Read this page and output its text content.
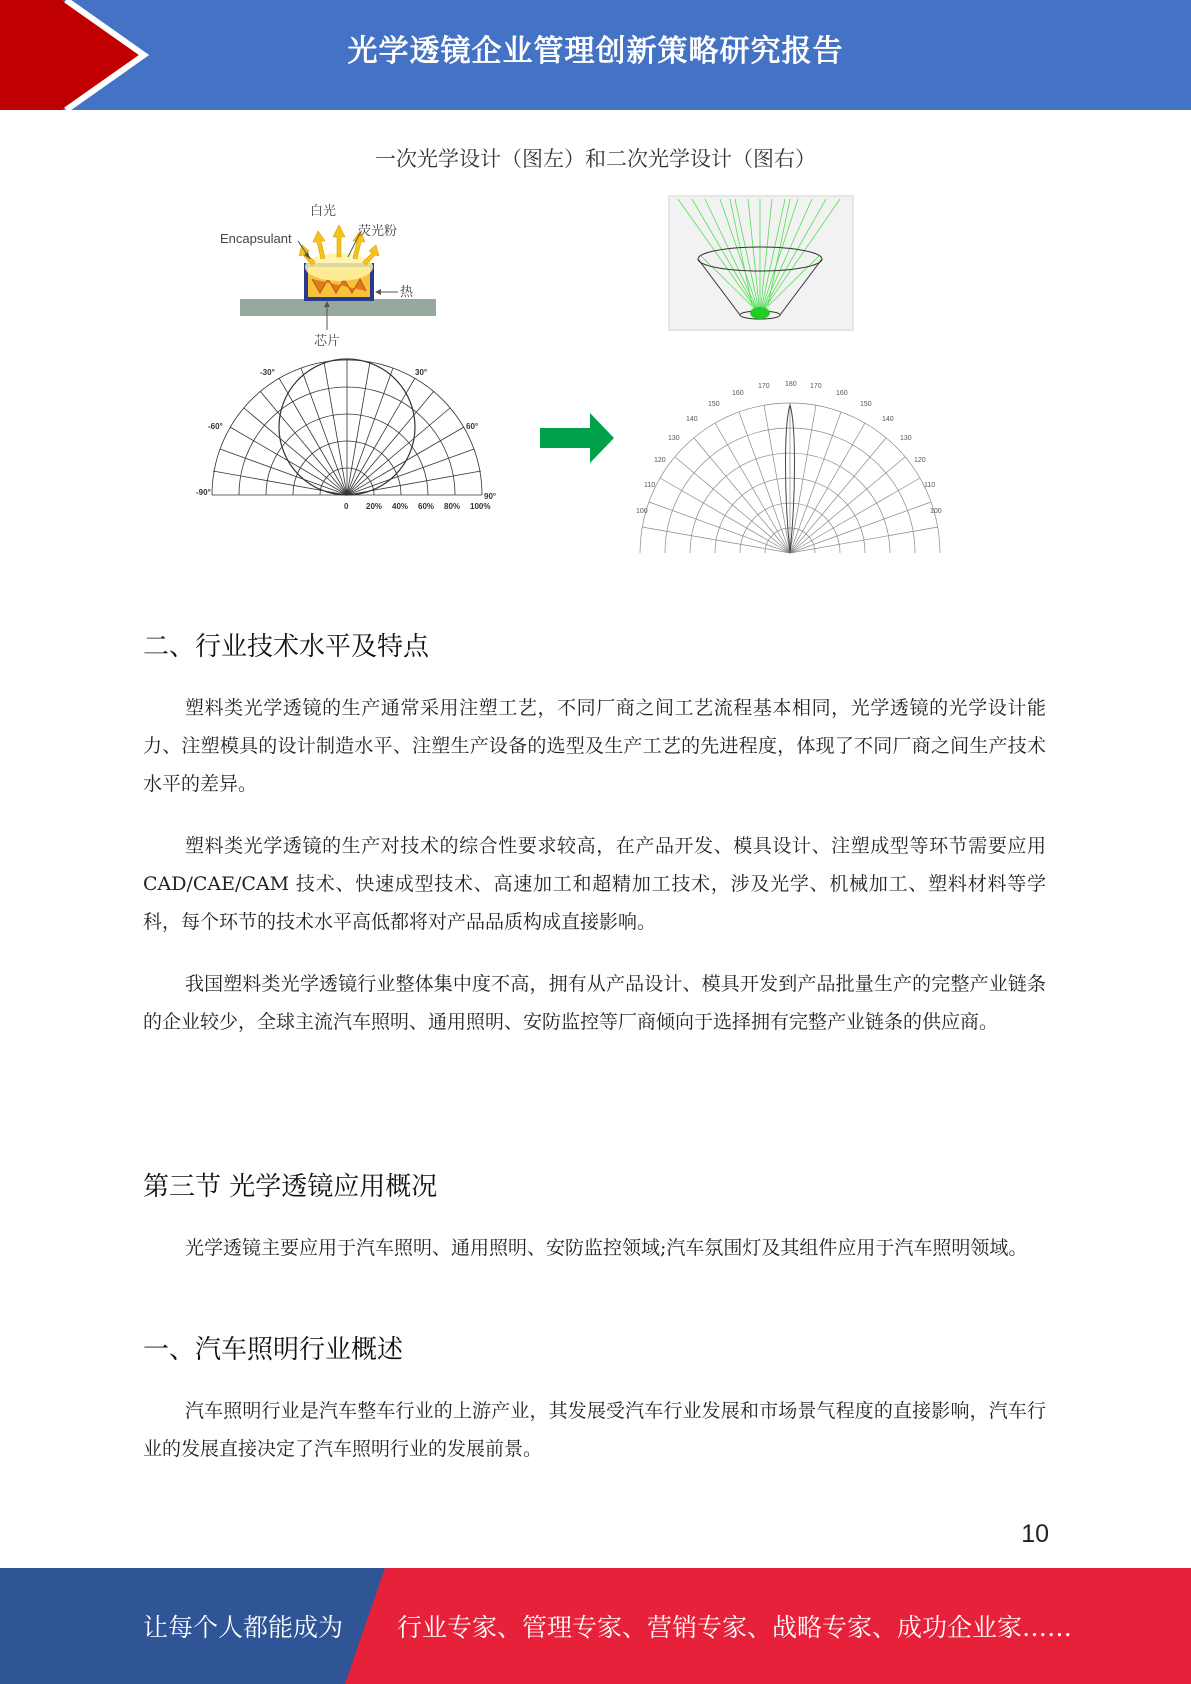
光学透镜企业管理创新策略研究报告
一次光学设计（图左）和二次光学设计（图右）
白光
Encapsulant
荧光粉
热
芯片
-30°	30°
-60°	60°
-90°	90°
0 20% 40% 60% 80% 100%
180
170	170
160	160
150	150
140	140
130	130
120	120
110	110
100	100
二、行业技术水平及特点

塑料类光学透镜的生产通常采用注塑工艺，不同厂商之间工艺流程基本相同，光学透镜的光学设计能力、注塑模具的设计制造水平、注塑生产设备的选型及生产工艺的先进程度，体现了不同厂商之间生产技术水平的差异。

塑料类光学透镜的生产对技术的综合性要求较高，在产品开发、模具设计、注塑成型等环节需要应用 CAD/CAE/CAM 技术、快速成型技术、高速加工和超精加工技术，涉及光学、机械加工、塑料材料等学科，每个环节的技术水平高低都将对产品品质构成直接影响。

我国塑料类光学透镜行业整体集中度不高，拥有从产品设计、模具开发到产品批量生产的完整产业链条的企业较少，全球主流汽车照明、通用照明、安防监控等厂商倾向于选择拥有完整产业链条的供应商。

第三节 光学透镜应用概况

光学透镜主要应用于汽车照明、通用照明、安防监控领域;汽车氛围灯及其组件应用于汽车照明领域。

一、汽车照明行业概述

汽车照明行业是汽车整车行业的上游产业，其发展受汽车行业发展和市场景气程度的直接影响，汽车行业的发展直接决定了汽车照明行业的发展前景。

10
让每个人都能成为 行业专家、管理专家、营销专家、战略专家、成功企业家……
